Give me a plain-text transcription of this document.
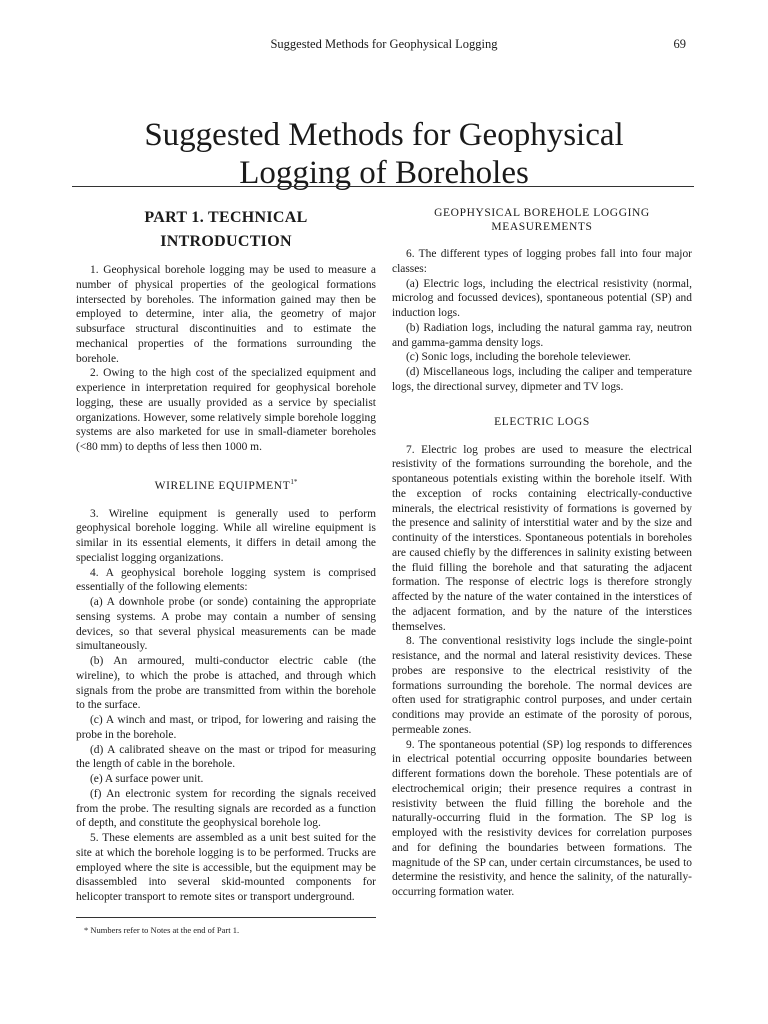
Suggested Methods for Geophysical Logging	69
Suggested Methods for Geophysical
Logging of Boreholes
PART 1. TECHNICAL INTRODUCTION

1. Geophysical borehole logging may be used to measure a number of physical properties of the geological formations intersected by boreholes. The information gained may then be employed to determine, inter alia, the geometry of major subsurface structural discontinuities and to estimate the mechanical properties of the formations surrounding the borehole.

2. Owing to the high cost of the specialized equipment and experience in interpretation required for geophysical borehole logging, these are usually provided as a service by specialist organizations. However, some relatively simple borehole logging systems are also marketed for use in small-diameter boreholes (<80 mm) to depths of less then 1000 m.

WIRELINE $EQUIPMENT^{1*}$

3. Wireline equipment is generally used to perform geophysical borehole logging. While all wireline equipment is similar in its essential elements, it differs in detail among the specialist logging organizations.

4. A geophysical borehole logging system is comprised essentially of the following elements:

(a) A downhole probe (or sonde) containing the appropriate sensing systems. A probe may contain a number of sensing devices, so that several physical measurements can be made simultaneously.

(b) An armoured, multi-conductor electric cable (the wireline), to which the probe is attached, and through which signals from the probe are transmitted from within the borehole to the surface.

(c) A winch and mast, or tripod, for lowering and raising the probe in the borehole.

(d) A calibrated sheave on the mast or tripod for measuring the length of cable in the borehole.

(e) A surface power unit.

(f) An electronic system for recording the signals received from the probe. The resulting signals are recorded as a function of depth, and constitute the geophysical borehole log.

5. These elements are assembled as a unit best suited for the site at which the borehole logging is to be performed. Trucks are employed where the site is accessible, but the equipment may be disassembled into several skid-mounted components for helicopter transport to remote sites or transport underground.

* Numbers refer to Notes at the end of Part 1.
GEOPHYSICAL BOREHOLE LOGGING MEASUREMENTS

6. The different types of logging probes fall into four major classes:

(a) Electric logs, including the electrical resistivity (normal, microlog and focussed devices), spontaneous potential (SP) and induction logs.

(b) Radiation logs, including the natural gamma ray, neutron and gamma-gamma density logs.

(c) Sonic logs, including the borehole televiewer.

(d) Miscellaneous logs, including the caliper and temperature logs, the directional survey, dipmeter and TV logs.

ELECTRIC LOGS

7. Electric log probes are used to measure the electrical resistivity of the formations surrounding the borehole, and the spontaneous potentials existing within the borehole itself. With the exception of rocks containing electrically-conductive minerals, the electrical resistivity of formations is governed by the presence and salinity of interstitial water and by the size and continuity of the interstices. Spontaneous potentials in boreholes are caused chiefly by the differences in salinity existing between the fluid filling the borehole and that saturating the adjacent formation. The response of electric logs is therefore strongly affected by the nature of the water contained in the interstices of the adjacent formation, and by the nature of the interstices themselves.

8. The conventional resistivity logs include the single-point resistance, and the normal and lateral resistivity devices. These probes are responsive to the electrical resistivity of the formations surrounding the borehole. The normal devices are often used for stratigraphic control purposes, and under certain conditions may provide an estimate of the porosity of porous, permeable zones.

9. The spontaneous potential (SP) log responds to differences in electrical potential occurring opposite boundaries between different formations down the borehole. These potentials are of electrochemical origin; their presence requires a contrast in resistivity between the fluid filling the borehole and the naturally-occurring fluid in the formation. The SP log is employed with the resistivity devices for correlation purposes and for defining the boundaries between formations. The magnitude of the SP can, under certain circumstances, be used to determine the resistivity, and hence the salinity, of the naturally-occurring formation water.
